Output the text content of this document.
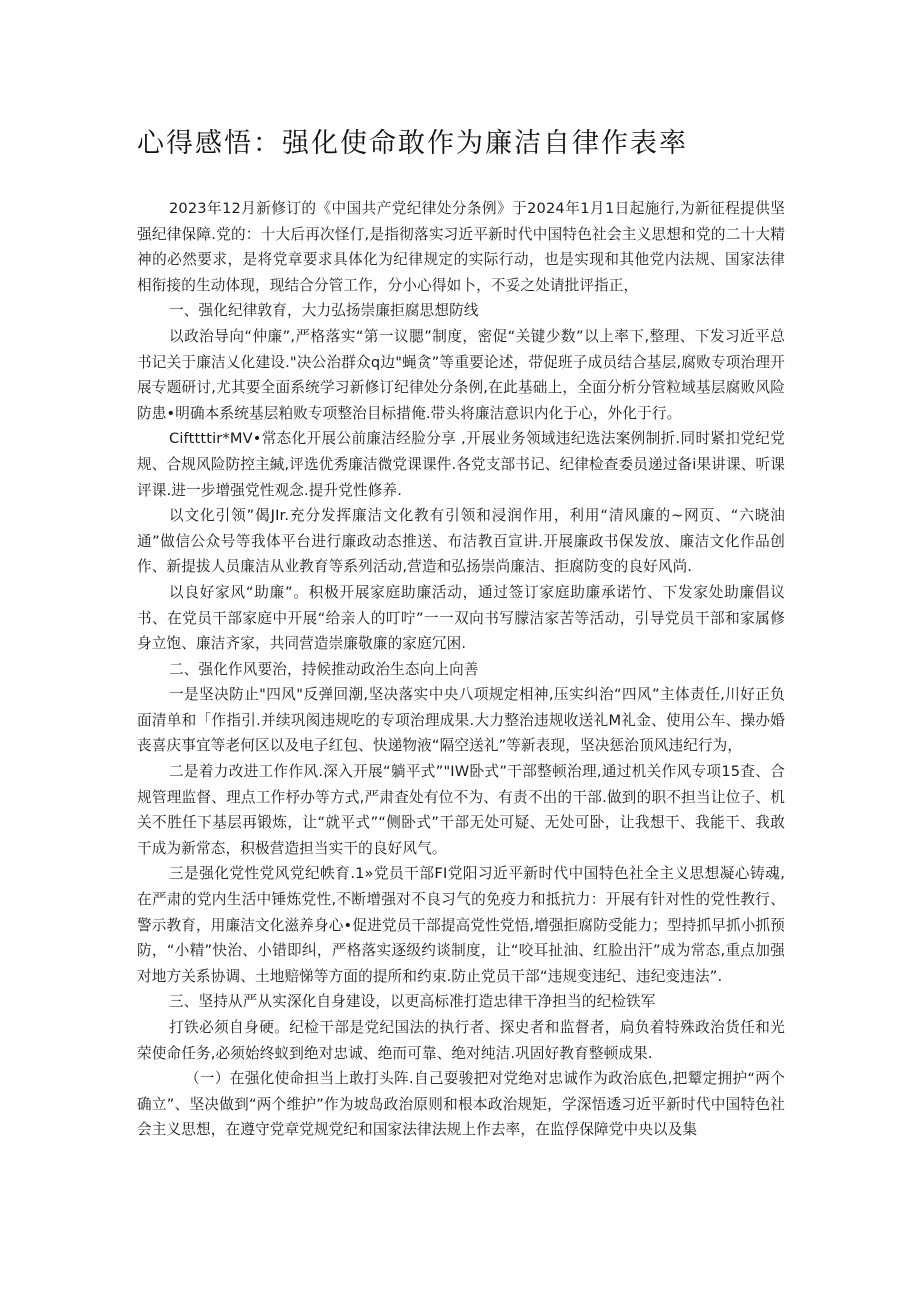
心得感悟：强化使命敢作为廉洁自律作表率

2023年12月新修订的《中国共产党纪律处分条例》于2024年1月1日起施行,为新征程提供坚强纪律保障.党的：十大后再次怪仃,是指彻落实习近平新时代中国特色社会主义思想和党的二十大精神的必然要求，是将党章要求具体化为纪律规定的实际行动，也是实现和其他党内法规、国家法律相衔接的生动体现，现结合分管工作，分小心得如卜，不妥之处请批评指正，

一、强化纪律敦育，大力弘扬崇廉拒腐思想防线

以政治导向“仲廉”,严格落实“第一议腮”制度，密促“关键少数”以上率下,整理、下发习近平总书记关于廉洁乂化建设."决公治群众q边"蝇贪”等重要论述，带促班子成员结合基层,腐败专项治理开展专题研讨,尤其要全面系统学习新修订纪律处分条例,在此基础上，全面分析分管粒域基层腐败风险防患•明确本系统基层粕败专项整治目标措俺.带头将廉洁意识内化于心，外化于行。

Cifttttir*MV•常态化开展公前廉洁经脸分享 ,开展业务领域违纪选法案例制折.同时紧扣党纪党规、合规风险防控主緘,评选优秀廉洁微党课课件.各党支部书记、纪律检查委员递过备i果讲课、听课评课.进一步增强党性观念.提升党性修养.

以文化引领”偈JIr.充分发挥廉洁文化教有引领和浸润作用，利用“清风廉的~网页、“六晓油通”做信公众号等我体平台进行廉政动态推送、布洁教百宣讲.开展廉政书保发放、廉洁文化作品创作、新提拔人员廉洁从业教育等系列活动,营造和弘扬崇尚廉洁、拒腐防变的良好风尚.

以良好家风“助廉”。积极开展家庭助廉活动，通过签订家庭助廉承诺竹、下发家处助廉倡议书、在党员干部家庭中开展“给亲人的叮咛”一一双向书写朦洁家苦等活动，引导党员干部和家属修身立饱、廉洁齐家，共同营造崇廉敬廉的家庭冗困.

二、强化作风要治，持候推动政治生态向上向善

一是坚决防止"四风"反弹回潮,坚决落实中央八项规定相神,压实纠治“四风”主体责任,川好正负面清单和「作指引.并续巩阂违规吃的专项治理成果.大力整治违规收送礼M礼金、使用公车、操办婚丧喜庆事宜等老何区以及电子红包、快递物液“隔空送礼”等新表现，坚决惩治顶风违纪行为，

二是着力改进工作作风.深入开展“躺平式”"IW卧式”干部整顿治理,通过机关作风专项15査、合规管理监督、理点工作杼办等方式,严肃査处有位不为、有责不出的干部.做到的职不担当让位子、机关不胜任下基层再锻炼，让“就平式”“侧卧式”干部无处可疑、无处可卧，让我想干、我能干、我敢干成为新常态，积极营造担当实干的良好风气。

三是强化党性党风党纪帙育.1»党员干部FI党阳习近平新时代中国特色社全主义思想凝心铸魂,在严肃的党内生活中锤炼党性,不断增强对不良习气的免疫力和抵抗力：开展有针对性的党性教行、警示教育，用廉洁文化滋养身心•促进党员干部提高党性党悟,增强拒腐防受能力；型持抓早抓小抓预防，“小精”快治、小错即纠，严格落实逐级约谈制度，让“咬耳扯油、红脸出汗”成为常态,重点加强对地方关系协调、土地赔悌等方面的提所和约束.防止党员干部“违规变违纪、违纪变违法”.

三、坚持从严从实深化自身建设，以更高标准打造忠律干净担当的纪检铁军

打铁必须自身硬。纪检干部是党纪国法的执行者、探史者和监督者，扃负着特殊政治货任和光荣使命任务,必须始终蚁到绝对忠诚、绝而可靠、绝对纯洁.巩固好教育整顿成果.

（一）在强化使命担当上敢打头阵.自己耍骏把对党绝对忠诚作为政治底色,把颦定拥护“两个确立”、坚决做到“两个维护”作为坡岛政治原则和根本政治规矩，学深悟透习近平新时代中国特色社会主义思想，在遵守党章党规党纪和国家法律法规上作去率，在监俘保障党中央以及集
